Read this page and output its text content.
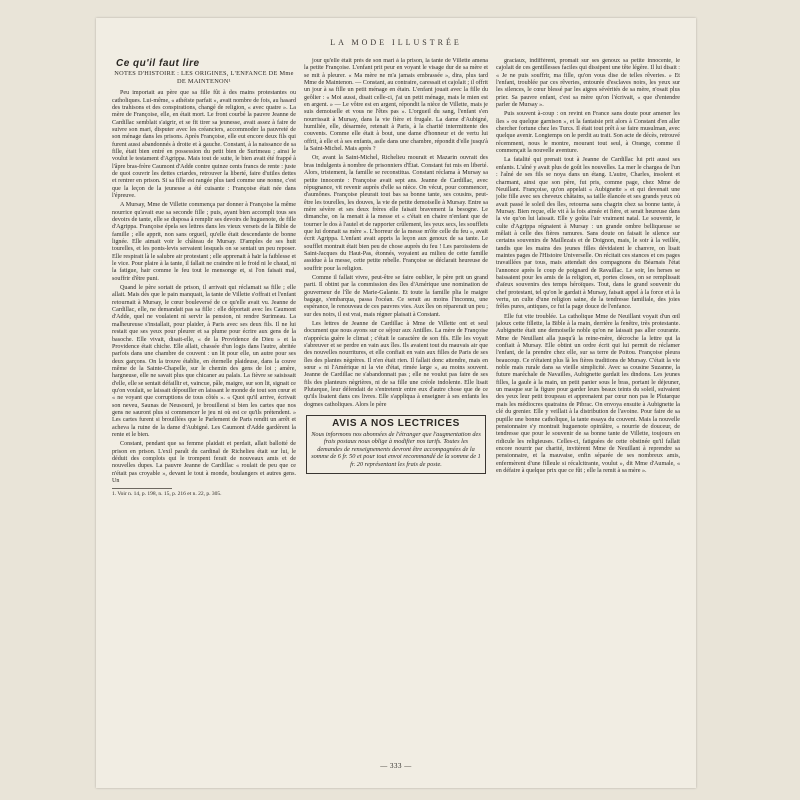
LA MODE ILLUSTRÉE
Ce qu'il faut lire
NOTES D'HISTOIRE : LES ORIGINES, L'ENFANCE DE Mme DE MAINTENON¹

Peu importait au père que sa fille fût à des mains protestantes ou catholiques. Lui-même, « athéiste parfait », avait nombre de fois, au hasard des trahisons et des conspirations, changé de religion, « avec quatre ». La mère de Françoise, elle, en était mort. Le front courbé la pauvre Jeanne de Cardillac semblait s'aigrir, et se fit tirer sa jeunesse, avait assez à faire de suivre son mari, disputer avec les créanciers, accommoder la pauvreté de son ménage dans les prisons. Après Françoise, elle eut encore deux fils qui furent aussi abandonnés à droite et à gauche. Constant, à la naissance de sa fille, était bien entré en possession du petit bien de Surimeau ; ainsi le voulut le testament d'Agrippa. Mais tout de suite, le bien avait été frappé à l'âpre bras-frère Caumont d'Adde contre quinze cents francs de rente : juste de quoi couvrir les dettes criardes, retrouver la liberté, faire d'utiles dettes et rentrer en prison. Si sa fille est rangée plus tard comme une nonne, c'est que la leçon de la jeunesse a été cuisante : Françoise était née dans l'épreuve.

A Mursay, Mme de Villette commença par donner à Françoise la même nourrice qu'avait eue sa seconde fille ; puis, ayant bien accompli tous ses devoirs de tante, elle se disposa à remplir ses devoirs de huguenote, de fille d'Agrippa. Françoise épela ses lettres dans les vieux versets de la Bible de famille ; elle apprit, non sans orgueil, qu'elle était descendante de bonne lignée. Elle aimait voir le château de Mursay. D'amples de ses huit tourelles, et les ponts-levis servaient lesquels on se sentait un peu reposer. Elle respirait là le salubre air protestant ; elle apprenait à haïr la faiblesse et le vice. Pour plaire à la tante, il fallait ne craindre ni le froid ni le chaud, ni la fatigue, hair comme le feu tout le mensonge et, si l'on faisait mal, souffrir d'être puni.

Quand le père sortait de prison, il arrivait qui réclamait sa fille ; elle allait. Mais dès que le pain manquait, la tante de Villette s'offrait et l'enfant retournait à Mursay, le cœur bouleversé de ce qu'elle avait vu. Jeanne de Cardillac, elle, ne demandait pas sa fille : elle déportait avec les Caumont d'Adde, quel ne voulaient ni servir la pension, ni rendre Surimeau. La malheureuse s'installait, pour plaider, à Paris avec ses deux fils. Il ne lui restait que ses yeux pour pleurer et sa plume pour écrire aux gens de la basoche. Elle vivait, disait-elle, « de la Providence de Dieu » et la Providence était chiche. Elle allait, chassée d'un logis dans l'autre, abritée parfois dans une chambre de couvent : un lit pour elle, un autre pour ses deux garçons. On la trouve établie, en éternelle plaideuse, dans la couve même de la Sainte-Chapelle, sur le chemin des gens de loi ; amère, hargneuse, elle ne savait plus que chicaner au palais. La fièvre se saisissait d'elle, elle se sentait défaillir et, vaincue, pâle, maigre, sur son lit, signait ce qu'on voulait, se laissait dépouiller en laissant le monde de tout son cœur et « ne voyant que corruptions de tous côtés ». « Quoi qu'il arrive, écrivait son neveu, Saunas de Neusourd, je brouillerai si bien les cartes que nos gens ne sauront plus si commencer le jeu ni où est ce qu'ils prétendent. » Les cartes furent si brouillées que le Parlement de Paris rendit un arrêt et acheva la ruine de la dame d'Aubigné. Les Caumont d'Adde gardèrent la rente et le bien.

Constant, pendant que sa femme plaidait et perdait, allait ballotté de prison en prison. L'exil paraît du cardinal de Richelieu était sur lui, le déduit des complots qui le trompent ferait de nouveaux amis et de nouvelles dupes. La pauvre Jeanne de Cardillac « roulait de peu que ce n'était pas croyable », devant le tout à monde, boulangers et autres gens. Un

1. Voir n. 14, p. 198, n. 15, p. 216 et n. 22, p. 305.

jour qu'elle était près de son mari à la prison, la tante de Villette amena la petite Françoise. L'enfant prit peur en voyant le visage dur de sa mère et se mit à pleurer. « Ma mère ne m'a jamais embrassée », dira, plus tard Mme de Maintenon. — Constant, au contraire, caressait et cajolait ; il offrit un jour à sa fille un petit ménage en étain. L'enfant jouait avec la fille du geôlier : « Moi aussi, disait celle-ci, j'ai un petit ménage, mais le mien est en argent. » — Le vôtre est en argent, répondit la nièce de Villette, mais je suis demoiselle et vous ne l'êtes pas ». L'orgueil du sang, l'enfant s'en nourrissait à Mursay, dans la vie fière et frugale. La dame d'Aubigné, humiliée, elle, désarmée, retenait à Paris, à la charité intermittente des couvents. Comme elle était à bout, une dame d'honneur et de vertu lui offrit, à elle et à ses enfants, asile dans une chambre, répondit d'elle jusqu'à la Saint-Michel. Mais après ?

Or, avant la Saint-Michel, Richelieu mourait et Mazarin ouvrait des bras indulgents à nombre de prisonniers d'État. Constant fut mis en liberté. Alors, tristement, la famille se reconstitua. Constant réclama à Mursay sa petite innocente : Françoise avait sept ans. Jeanne de Cardillac, avec répugnance, vit revenir auprès d'elle sa nièce. On vécut, pour commencer, d'aumônes. Françoise pleurait tout bas sa bonne tante, ses cousins, peut-être les tourelles, les douves, la vie de petite demoiselle à Mursay. Entre sa mère sévère et ses deux frères elle faisait bravement la besogne. Le dimanche, on la menait à la messe et « c'était en chaire n'enfant que de tourner le dos à l'autel et de rapporter crûlement, les yeux secs, les soufflets que lui donnait sa mère ». L'horreur de la messe m'ôte celle du feu », avait écrit Agrippa. L'enfant avait appris la leçon aux genoux de sa tante. Le soufflet montrait était bien peu de chose auprès du feu ! Les paroissiens de Saint-Jacques du Haut-Pas, étonnés, voyaient au milieu de cette famille assidue à la messe, cette petite rebelle. Françoise se déclarait heureuse de souffrir pour la religion.

Comme il fallait vivre, peut-être se faire oublier, le père prit un grand parti. Il obtint par la commission des îles d'Amérique une nomination de gouverneur de l'île de Marie-Galante. Et toute la famille plia le maigre bagage, s'embarqua, passa l'océan. Ce serait au moins l'inconnu, une espérance, le renouveau de ces pauvres vies. Aux îles on réparerait un peu ; sur des noirs, il est vrai, mais régner plaisait à Constant.

Les lettres de Jeanne de Cardillac à Mme de Villette ont et seul document que nous ayons sur ce séjour aux Antilles. La mère de Françoise n'apprécia guère le climat ; c'était le caractère de son fils. Elle les voyait s'abreuver et se perdre en vain aux îles. Ils avaient tout du mauvais air que des nouvelles nourritures, et elle confiait en vain aux filles de Paris de ses îles des plantes nègrères. Il n'en était rien. Il fallait donc attendre, mais en sœur « ni l'Amérique ni la vie d'état, rimée large », au moins souvent. Jeanne de Cardillac ne s'abandonnait pas ; elle ne voulut pas faire de ses fils des planteurs nègrières, ni de sa fille une créole indolente. Elle lisait Plutarque, leur défendait de s'entretenir entre eux d'autre chose que de ce qu'ils lisaient dans ces livres. Elle s'appliqua à enseigner à ses enfants les dogmes catholiques. Alors le père

AVIS A NOS LECTRICES
Nous informons nos abonnées de l'étranger que l'augmentation des frais postaux nous oblige à modifier nos tarifs. Toutes les demandes de renseignements devront être accompagnées de la somme de 6 fr. 50 et pour tout envoi recommandé de la somme de 1 fr. 20 représentant les frais de poste.

graciaux, indifférent, promait sur ses genoux sa petite innocente, le cajolait de ces gentillesses faciles qui dissipent une tête légère. Il lui disait : « Je ne puis souffrir, ma fille, qu'on vous dise de telles rêveries. » Et l'enfant, troublée par ces rêveries, entourée d'esclaves noirs, les yeux sur les silences, le cœur blessé par les aigres sévérités de sa mère, n'osait plus prier. Sa pauvre enfant, c'est sa mère qu'on l'écrivait, « que d'entendre parler de Mursay ».

Puis souvent à-coup : on revint en France sans doute pour amener les îles » ou quelque garnison », et la fantaisie prit alors à Constant d'en aller chercher fortune chez les Turcs. Il était tout prêt à se faire musulman, avec quelque avenir. Longtemps on le perdit au trait. Son acte de décès, retrouvé récemment, nous le montre, mourant tout seul, à Orange, comme il commençait la nouvelle aventure.

La fatalité qui prenait tout à Jeanne de Cardillac lui prit aussi ses enfants. L'aîné y avait plus de goût les nouvelles. La mer le chargea de l'un : l'aîné de ses fils se noya dans un étang. L'autre, Charles, insolent et charmant, ainsi que son père, fut pris, comme page, chez Mme de Neuillant. Françoise, qu'on appelait « Aubignette » et qui devenait une jolie fille avec ses cheveux châtains, sa taille élancée et ses grands yeux où avait passé le soleil des îles, retourna sans chagrin chez sa bonne tante, à Mursay. Bien reçue, elle vit à la fois aimée et fière, et serait heureuse dans la vie qu'on lui laissait. Elle y goûta l'air vraiment natal. Le souvenir, le culte d'Agrippa régnaient à Mursay : un grande ombre belliqueuse se mêlait à celle des fières ramures. Sans doute on faisait le silence sur certains souvenirs de Maillezais et de Doignon, mais, le soir à la veillée, tandis que les mains des jeunes filles dévidaient le chanvre, on lisait maintes pages de l'Histoire Universelle. On récitait ces stances et ces pages travaillées par tous, mais attendait des compagnons du Béarnais l'état l'annonce après le coup de poignard de Ravaillac. Le soir, les herses se baissaient pour les amis de la religion, et, portes closes, on se remplissait d'aïeux souvenirs des temps héroïques. Tout, dans le grand souvenir du chef protestant, tel qu'on le gardait à Mursay, faisait appel à la force et à la vertu, un culte d'une religion saine, de la tendresse familiale, des joies frêles pures, antiques, ce fut la page douce de l'enfance.

Elle fut vite troublée. La catholique Mme de Neuillant voyait d'un œil jaloux cette fillette, la Bible à la main, derrière la fenêtre, très protestante. Aubignette était une demoiselle noble qu'on ne laissait pas aller courante. Mme de Neuillant alla jusqu'à la reine-mère, décroche la lettre qui la confiait à Mursay. Elle obtint un ordre écrit qui lui permit de réclamer l'enfant, de la prendre chez elle, sur sa terre de Poitou. Françoise pleura beaucoup. Ce n'étaient plus là les fières traditions de Mursay. C'était la vie noble mais rurale dans sa vieille simplicité. Avec sa cousine Suzanne, la future maréchale de Navailles, Aubignette gardait les dindons. Les jeunes filles, la gaule à la main, un petit panier sous le bras, portant le déjeuner, un masque sur la figure pour garder leurs beaux teints du soleil, suivaient des yeux leur petit troupeau et apprenaient par cœur non pas le Plutarque mais les médiocres quatrains de Pibrac. On envoya ensuite à Aubignette la clé du grenier. Elle y veillait à la distribution de l'avoine. Pour faire de sa pupille une bonne catholique, la tante essaya du couvent. Mais la nouvelle pensionnaire s'y montrait huguenote opiniâtre, « nourrie de douceur, de tendresse que pour le souvenir de sa bonne tante de Villette, toujours en ridicule les religieuses. Celles-ci, fatiguées de cette obstinée qu'il fallait encore nourrir par charité, invitèrent Mme de Neuillant à reprendre sa pensionnaire, et la mauvaise, enfin séparée de ses nombreux amis, enfermèrent d'une filleule si récalcitrante, voulut », dit Mme d'Aumale, « en défaire à quelque prix que ce fût ; elle la remit à sa mère ».

— 333 —
